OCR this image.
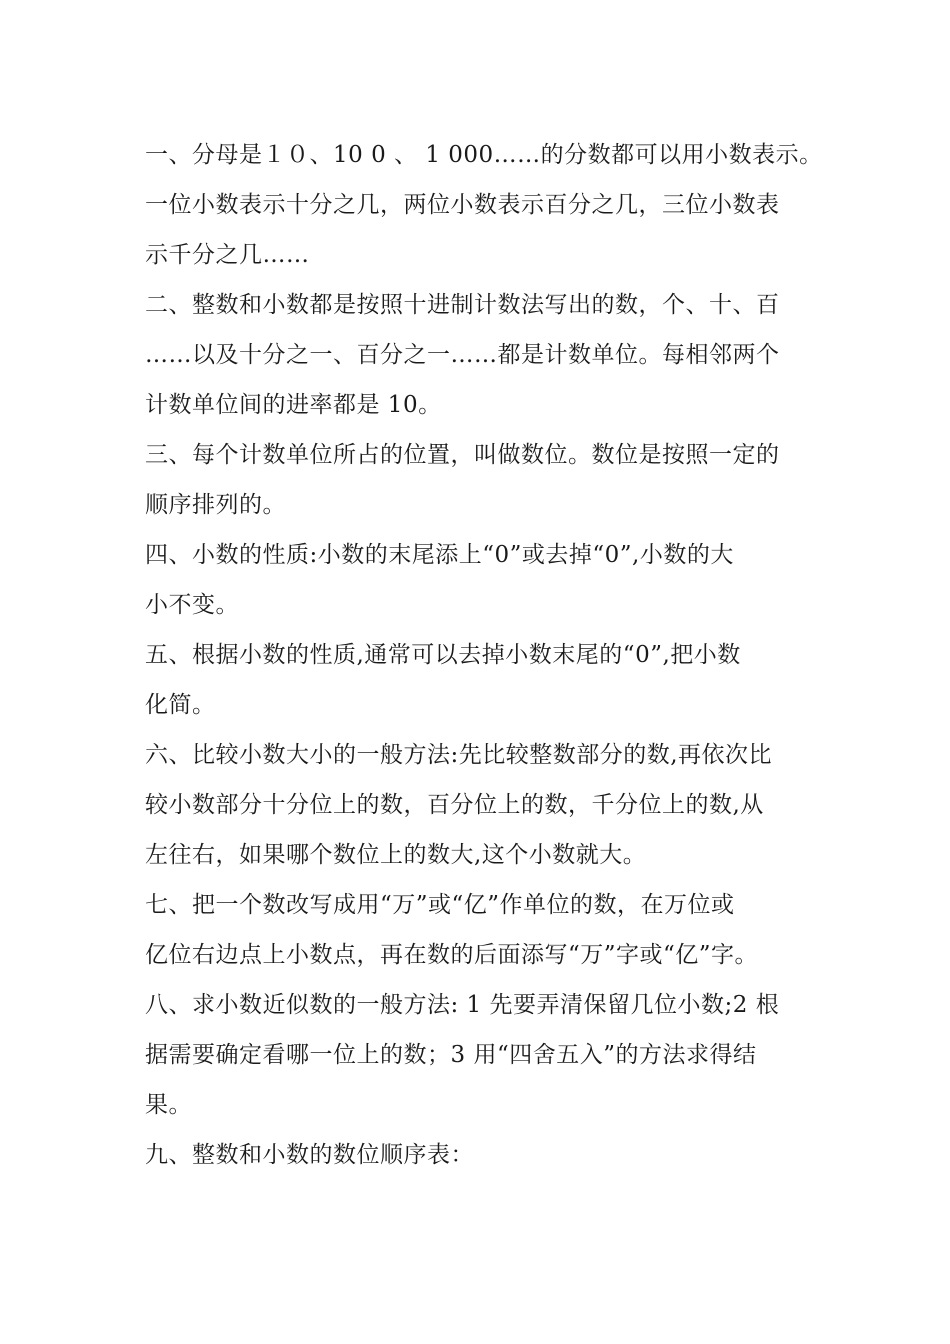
一、分母是１０、10 0 、 1 000……的分数都可以用小数表示。
一位小数表示十分之几，两位小数表示百分之几，三位小数表
示千分之几……
二、整数和小数都是按照十进制计数法写出的数，个、十、百
……以及十分之一、百分之一……都是计数单位。每相邻两个
计数单位间的进率都是 10。
三、每个计数单位所占的位置，叫做数位。数位是按照一定的
顺序排列的。
四、小数的性质:小数的末尾添上“0”或去掉“0”,小数的大
小不变。
五、根据小数的性质,通常可以去掉小数末尾的“0”,把小数
化简。
六、比较小数大小的一般方法:先比较整数部分的数,再依次比
较小数部分十分位上的数，百分位上的数，千分位上的数,从
左往右，如果哪个数位上的数大,这个小数就大。
七、把一个数改写成用“万”或“亿”作单位的数，在万位或
亿位右边点上小数点，再在数的后面添写“万”字或“亿”字。
八、求小数近似数的一般方法: 1 先要弄清保留几位小数;2 根
据需要确定看哪一位上的数；3 用“四舍五入”的方法求得结
果。
九、整数和小数的数位顺序表：
